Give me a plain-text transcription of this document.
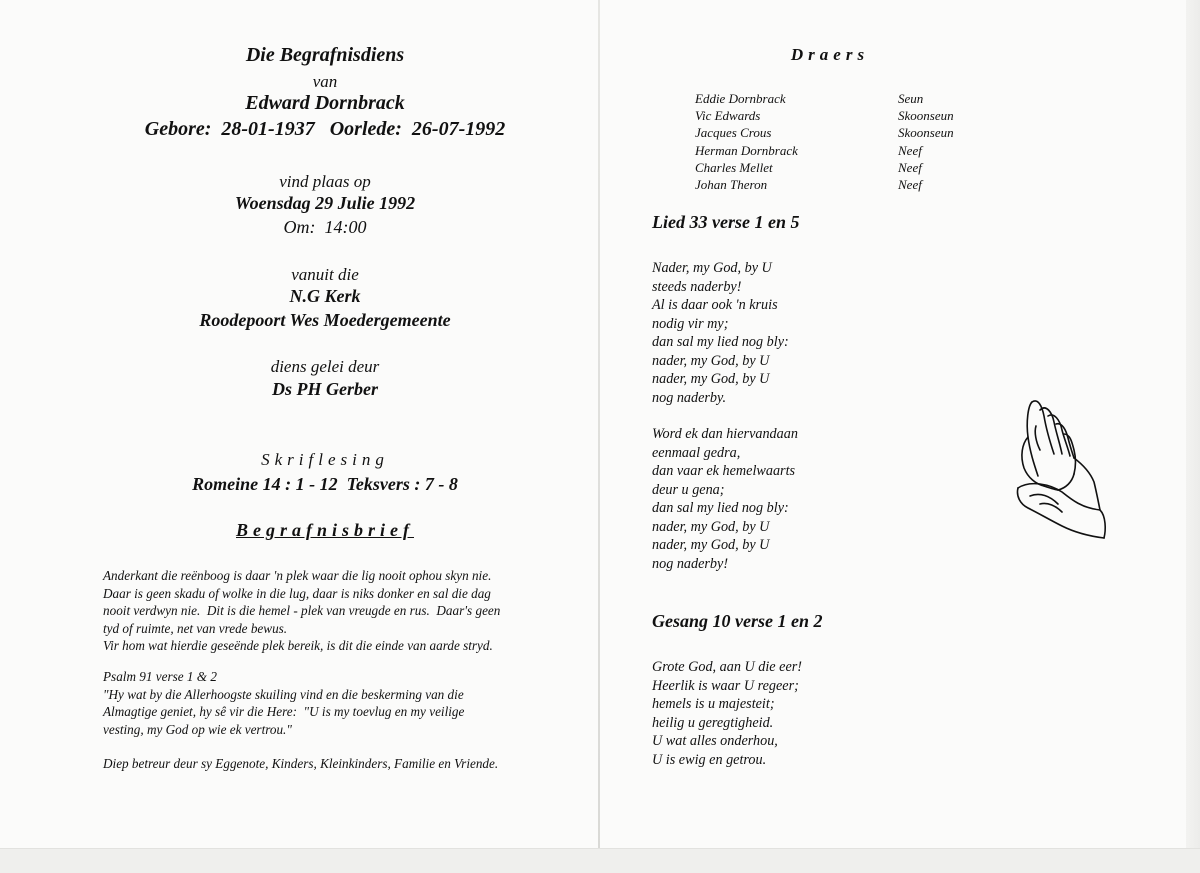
Die Begrafnisdiens
van
Edward Dornbrack
Gebore:  28-01-1937   Oorlede:  26-07-1992
vind plaas op
Woensdag 29 Julie 1992
Om:  14:00
vanuit die
N.G Kerk
Roodepoort Wes Moedergemeente
diens gelei deur
Ds PH Gerber
Skriflesing
Romeine 14 : 1 - 12  Teksvers : 7 - 8
Begrafnisbrief

Anderkant die reënboog is daar 'n plek waar die lig nooit ophou skyn nie.

Daar is geen skadu of wolke in die lug, daar is niks donker en sal die dag

nooit verdwyn nie.  Dit is die hemel - plek van vreugde en rus.  Daar's geen

tyd of ruimte, net van vrede bewus.

Vir hom wat hierdie geseënde plek bereik, is dit die einde van aarde stryd.

Psalm 91 verse 1 & 2

"Hy wat by die Allerhoogste skuiling vind en die beskerming van die

Almagtige geniet, hy sê vir die Here:  "U is my toevlug en my veilige

vesting, my God op wie ek vertrou."

Diep betreur deur sy Eggenote, Kinders, Kleinkinders, Familie en Vriende.

Draers
Eddie Dornbrack
Vic Edwards
Jacques Crous
Herman Dornbrack
Charles Mellet
Johan Theron
Seun
Skoonseun
Skoonseun
Neef
Neef
Neef
Lied 33 verse 1 en 5
Nader, my God, by U
steeds naderby!
Al is daar ook 'n kruis
nodig vir my;
dan sal my lied nog bly:
nader, my God, by U
nader, my God, by U
nog naderby.
Word ek dan hiervandaan
eenmaal gedra,
dan vaar ek hemelwaarts
deur u gena;
dan sal my lied nog bly:
nader, my God, by U
nader, my God, by U
nog naderby!
Gesang 10 verse 1 en 2
Grote God, aan U die eer!
Heerlik is waar U regeer;
hemels is u majesteit;
heilig u geregtigheid.
U wat alles onderhou,
U is ewig en getrou.
